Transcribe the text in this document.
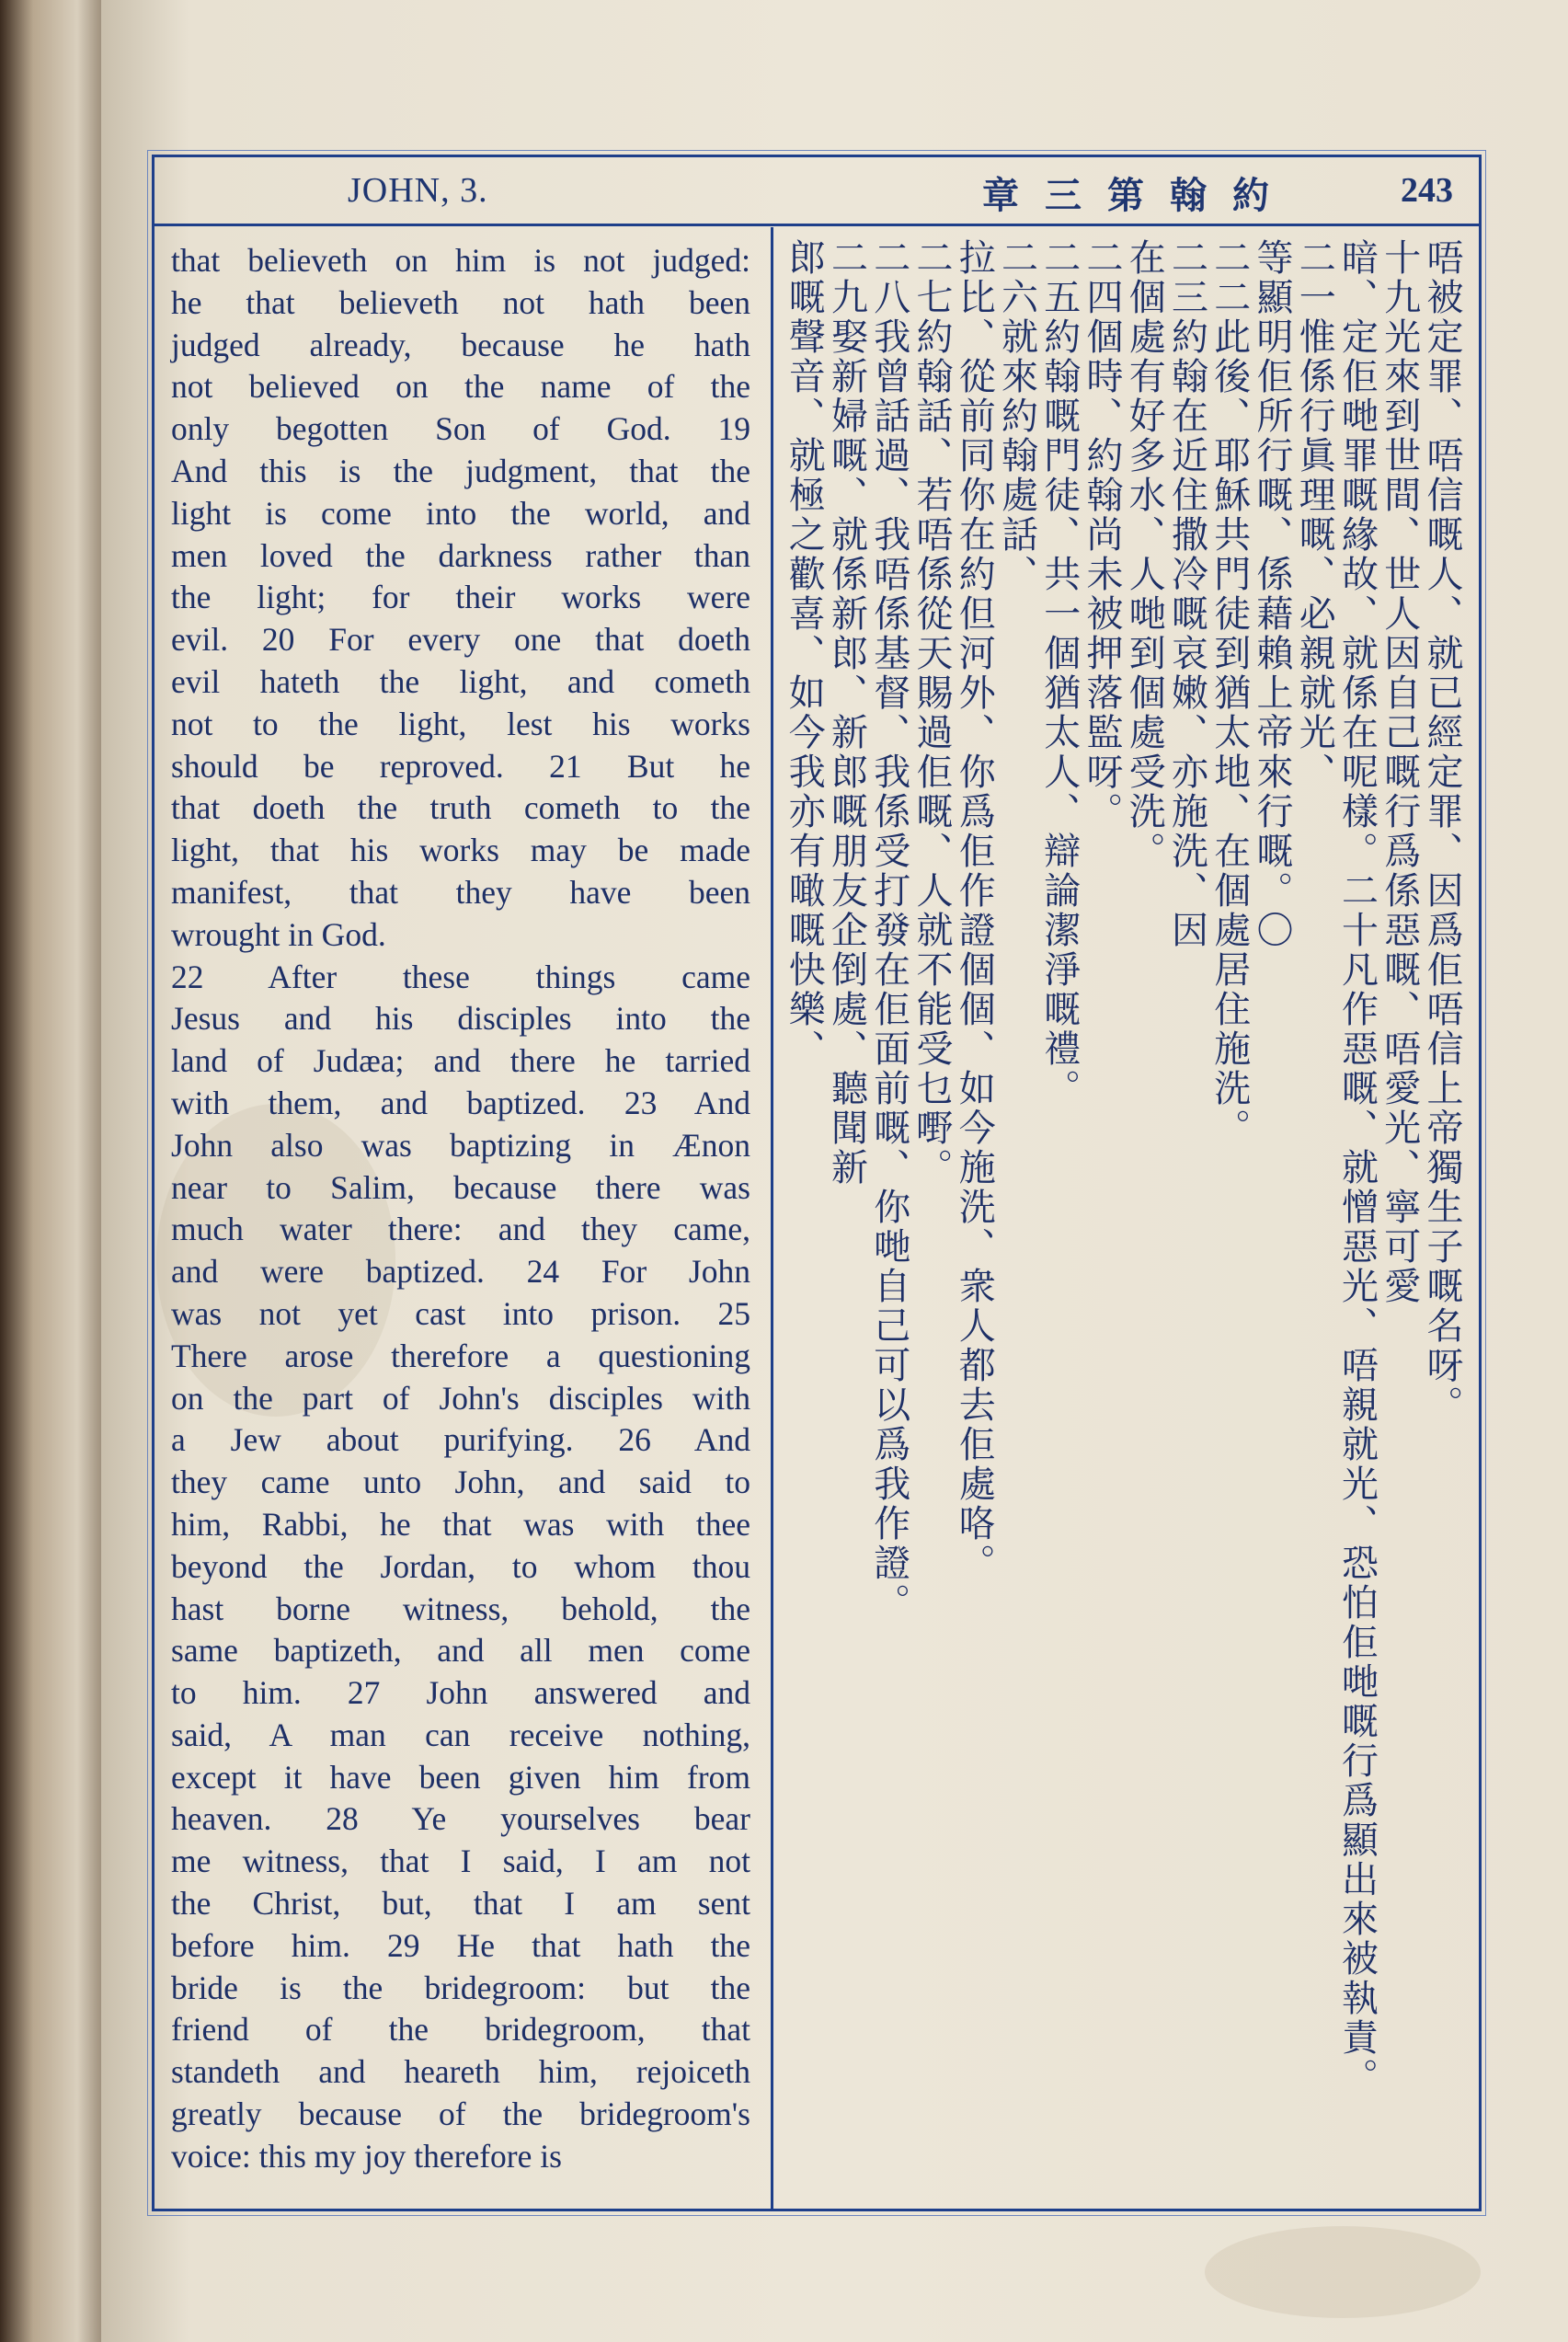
JOHN, 3.	章三第翰約	243
that believeth on him is not judged:
he that believeth not hath been
judged already, because he hath
not believed on the name of the
only begotten Son of God. 19
And this is the judgment, that the
light is come into the world, and
men loved the darkness rather than
the light; for their works were
evil. 20 For every one that doeth
evil hateth the light, and cometh
not to the light, lest his works
should be reproved. 21 But he
that doeth the truth cometh to the
light, that his works may be made
manifest, that they have been
wrought in God.
22 After these things came
Jesus and his disciples into the
land of Judæa; and there he tarried
with them, and baptized. 23 And
John also was baptizing in Ænon
near to Salim, because there was
much water there: and they came,
and were baptized. 24 For John
was not yet cast into prison. 25
There arose therefore a questioning
on the part of John's disciples with
a Jew about purifying. 26 And
they came unto John, and said to
him, Rabbi, he that was with thee
beyond the Jordan, to whom thou
hast borne witness, behold, the
same baptizeth, and all men come
to him. 27 John answered and
said, A man can receive nothing,
except it have been given him from
heaven. 28 Ye yourselves bear
me witness, that I said, I am not
the Christ, but, that I am sent
before him. 29 He that hath the
bride is the bridegroom: but the
friend of the bridegroom, that
standeth and heareth him, rejoiceth
greatly because of the bridegroom's
voice: this my joy therefore is
唔被定罪、唔信嘅人、就已經定罪、因爲佢唔信上帝獨生子嘅名呀。
十九光來到世間、世人因自己嘅行爲係惡嘅、唔愛光、寧可愛
暗、定佢哋罪嘅緣故、就係在呢樣。二十凡作惡嘅、就憎惡光、唔親就光、恐怕佢哋嘅行爲顯出來被執責。
二一惟係行眞理嘅、必親就光、
等顯明佢所行嘅、係藉賴上帝來行嘅。〇
二二此後、耶穌共門徒到猶太地、在個處居住施洗。
二三約翰在近住撒冷嘅哀嫩、亦施洗、因
在個處有好多水、人哋到個處受洗。
二四個時、約翰尚未被押落監呀。
二五約翰嘅門徒、共一個猶太人、辯論潔淨嘅禮。
二六就來約翰處話、
拉比、從前同你在約但河外、你爲佢作證個個、如今施洗、衆人都去佢處咯。
二七約翰話、若唔係從天賜過佢嘅、人就不能受乜嘢。
二八我曾話過、我唔係基督、我係受打發在佢面前嘅、你哋自己可以爲我作證。
二九娶新婦嘅、就係新郎、新郎嘅朋友企倒處、聽聞新
郎嘅聲音、就極之歡喜、如今我亦有噉嘅快樂、
